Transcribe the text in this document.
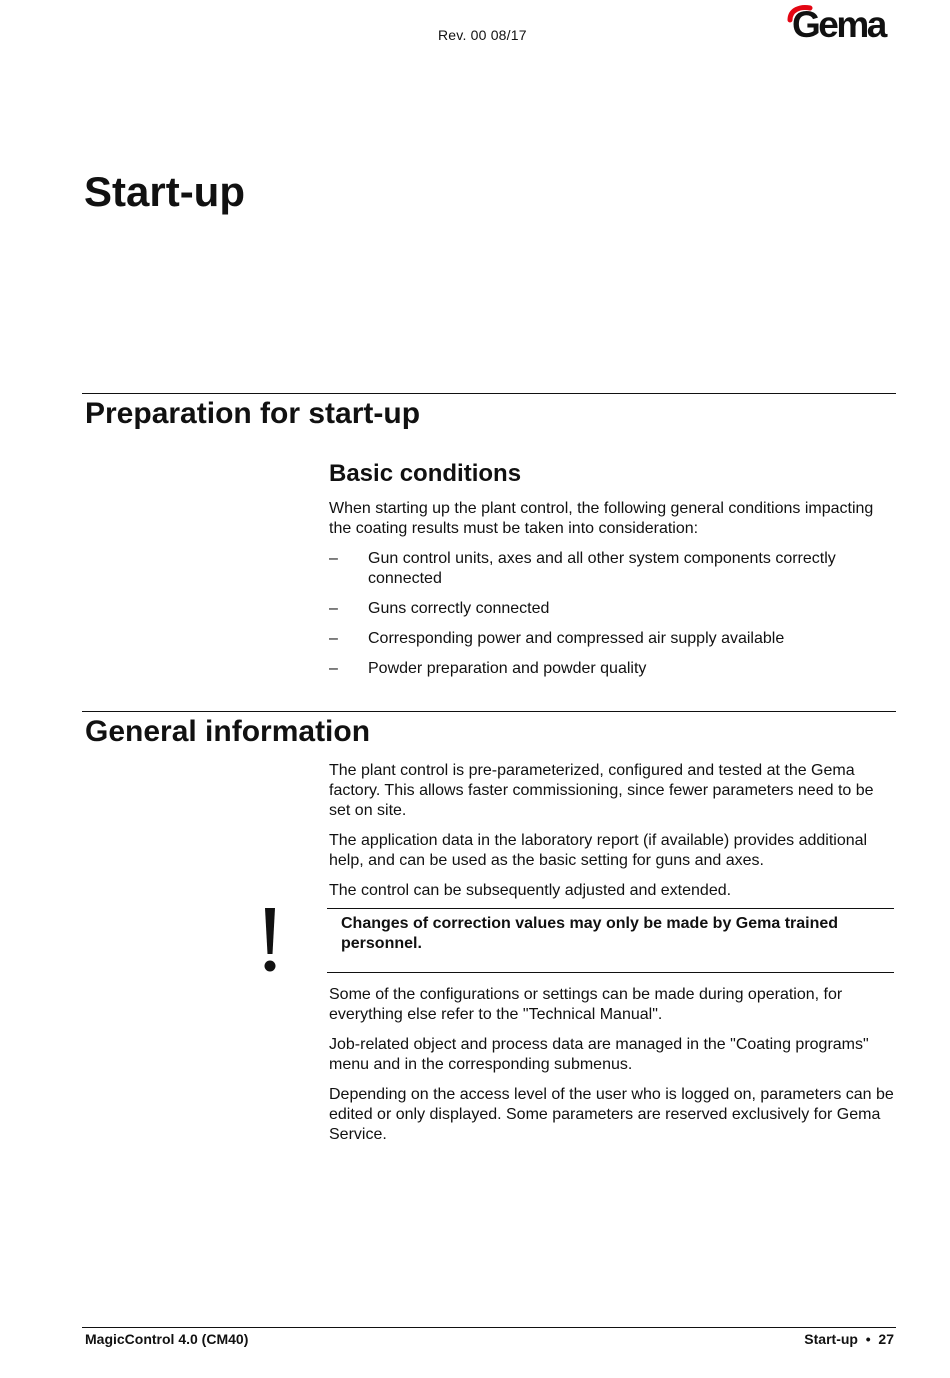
Rev. 00 08/17	Gema
Start-up
Preparation for start-up
Basic conditions
When starting up the plant control, the following general conditions impacting the coating results must be taken into consideration:
– Gun control units, axes and all other system components correctly connected
– Guns correctly connected
– Corresponding power and compressed air supply available
– Powder preparation and powder quality
General information
The plant control is pre-parameterized, configured and tested at the Gema factory. This allows faster commissioning, since fewer parameters need to be set on site.
The application data in the laboratory report (if available) provides additional help, and can be used as the basic setting for guns and axes.
The control can be subsequently adjusted and extended.
Changes of correction values may only be made by Gema trained personnel.
Some of the configurations or settings can be made during operation, for everything else refer to the "Technical Manual".
Job-related object and process data are managed in the "Coating programs" menu and in the corresponding submenus.
Depending on the access level of the user who is logged on, parameters can be edited or only displayed. Some parameters are reserved exclusively for Gema Service.
MagicControl 4.0 (CM40)	Start-up  •  27
